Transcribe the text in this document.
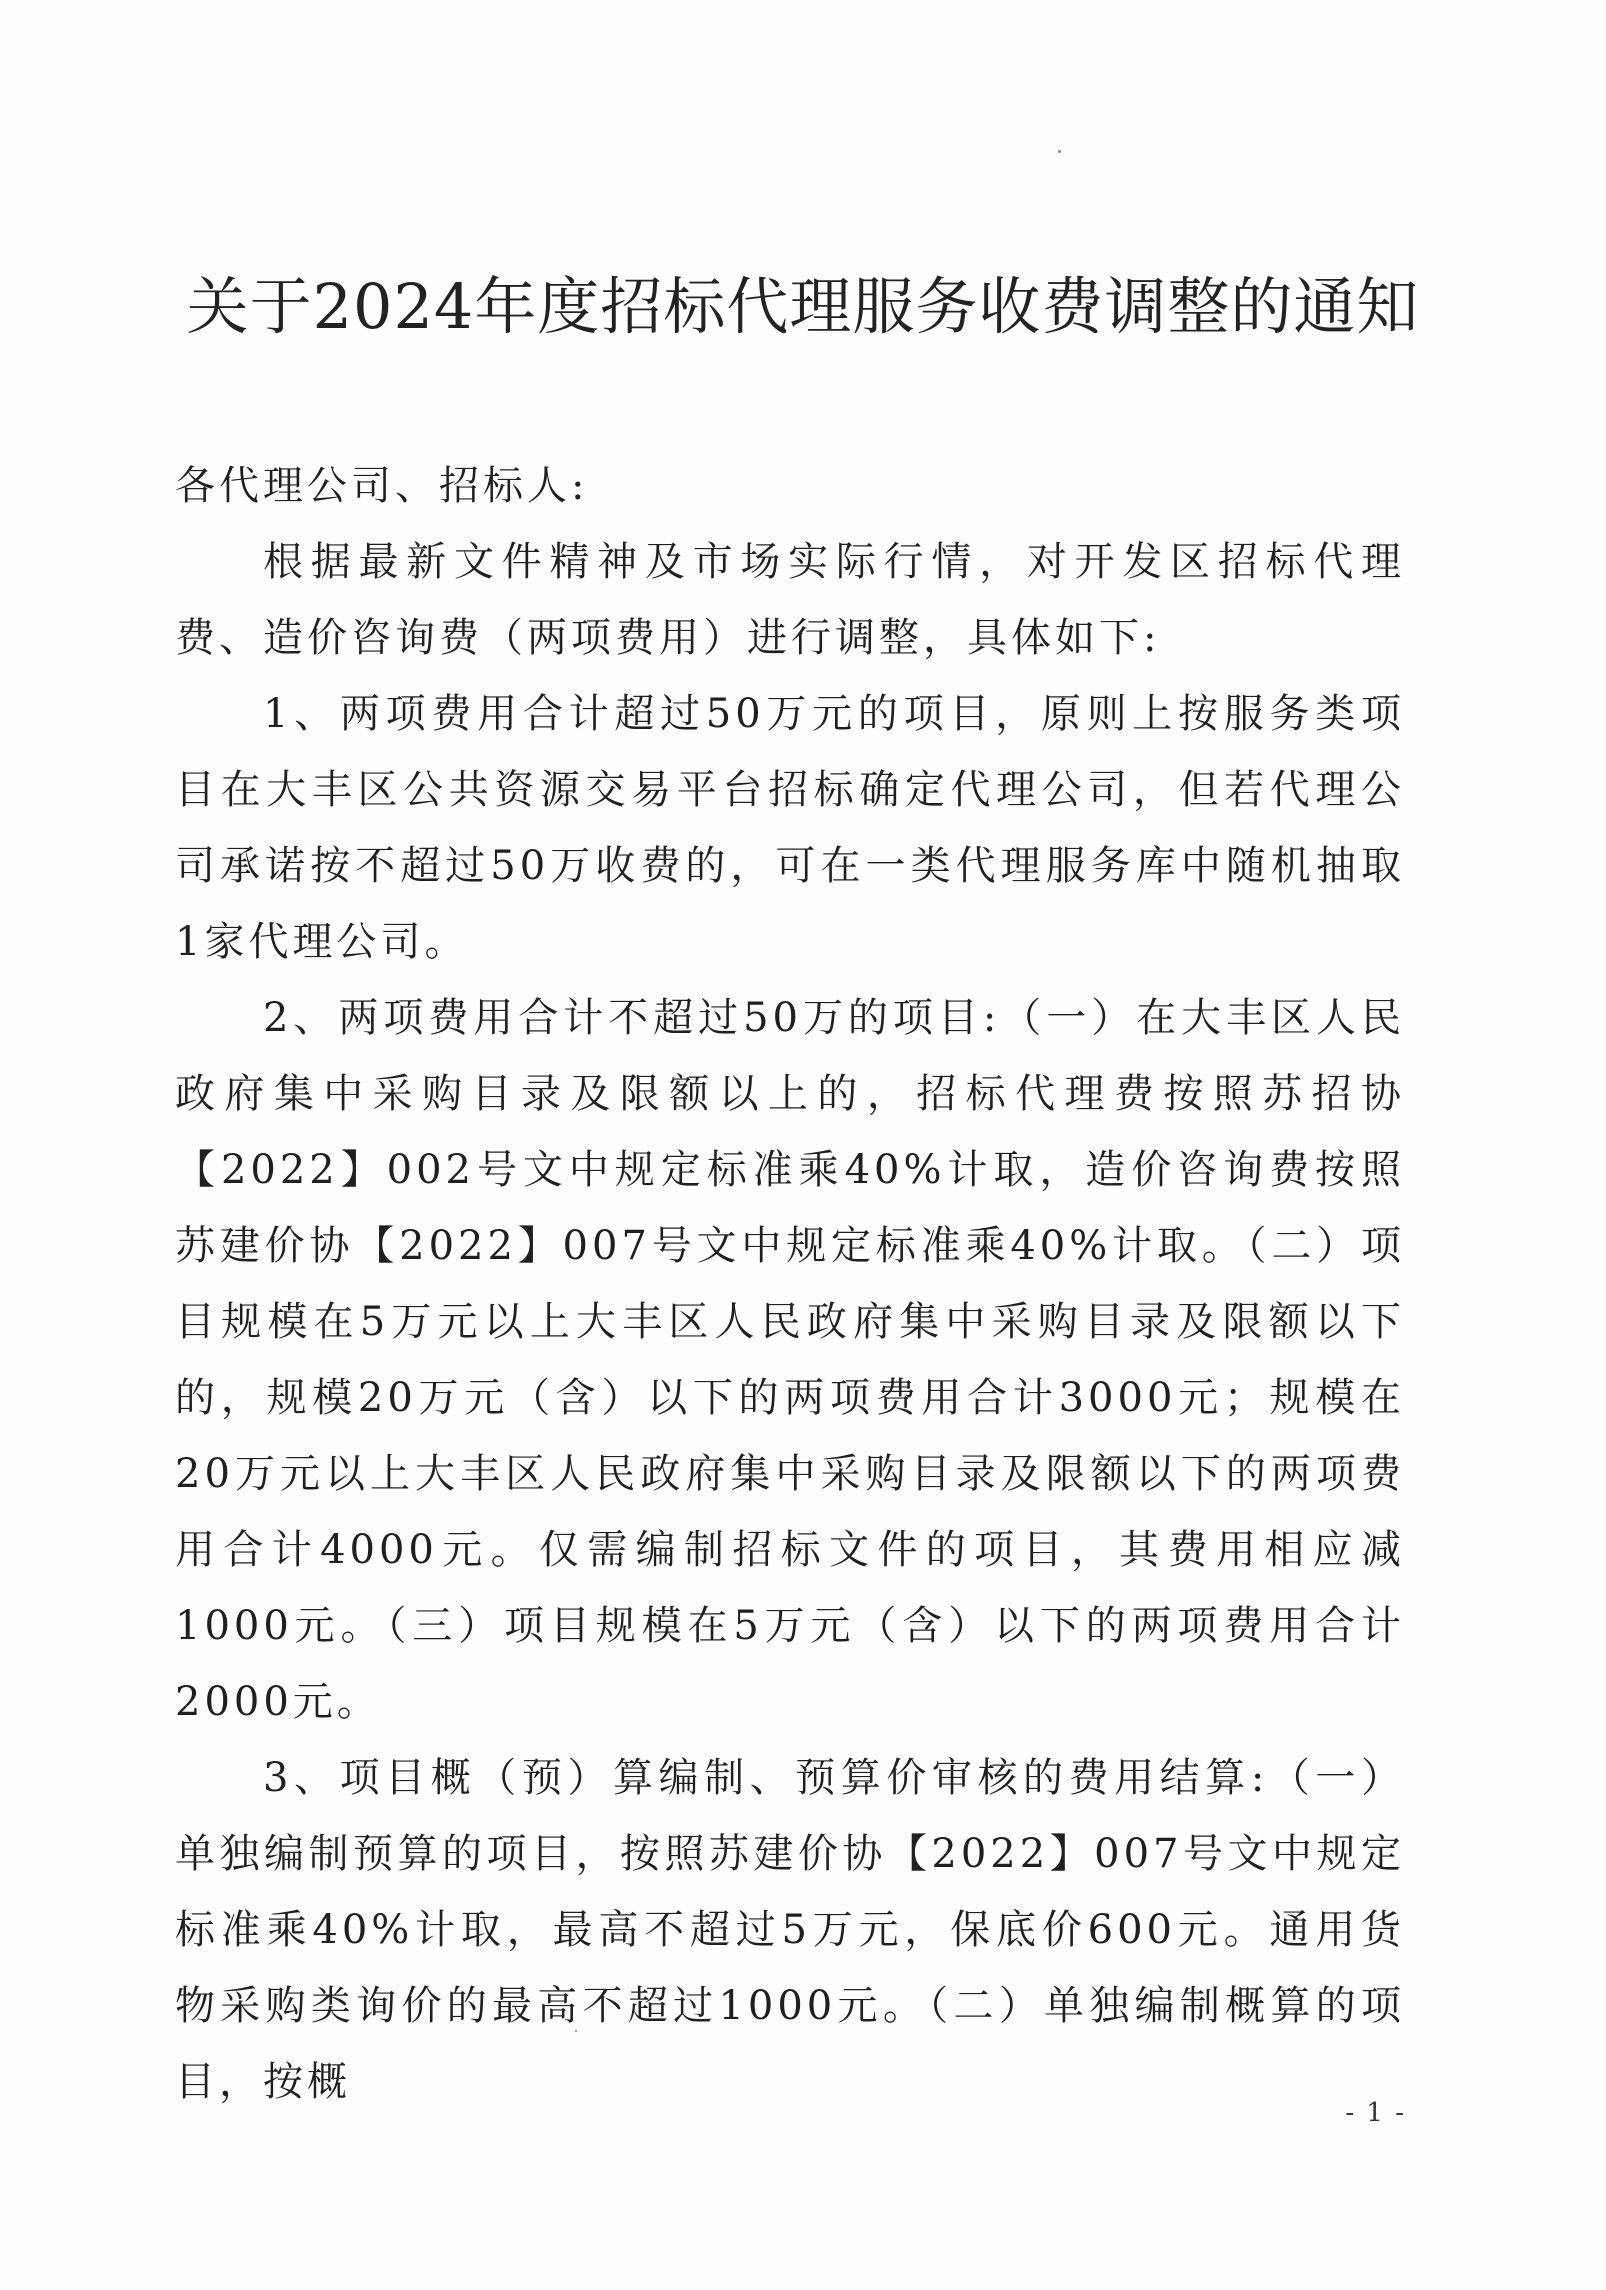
关于2024年度招标代理服务收费调整的通知

各代理公司、招标人:

根据最新文件精神及市场实际行情，对开发区招标代理费、造价咨询费（两项费用）进行调整，具体如下:

1、两项费用合计超过50万元的项目，原则上按服务类项目在大丰区公共资源交易平台招标确定代理公司，但若代理公司承诺按不超过50万收费的，可在一类代理服务库中随机抽取1家代理公司。

2、两项费用合计不超过50万的项目:（一）在大丰区人民政府集中采购目录及限额以上的，招标代理费按照苏招协【2022】002号文中规定标准乘40%计取，造价咨询费按照苏建价协【2022】007号文中规定标准乘40%计取。（二）项目规模在5万元以上大丰区人民政府集中采购目录及限额以下的，规模20万元（含）以下的两项费用合计3000元；规模在20万元以上大丰区人民政府集中采购目录及限额以下的两项费用合计4000元。仅需编制招标文件的项目，其费用相应减1000元。（三）项目规模在5万元（含）以下的两项费用合计2000元。

3、项目概（预）算编制、预算价审核的费用结算:（一）单独编制预算的项目，按照苏建价协【2022】007号文中规定标准乘40%计取，最高不超过5万元，保底价600元。通用货物采购类询价的最高不超过1000元。（二）单独编制概算的项目，按概

- 1 -
